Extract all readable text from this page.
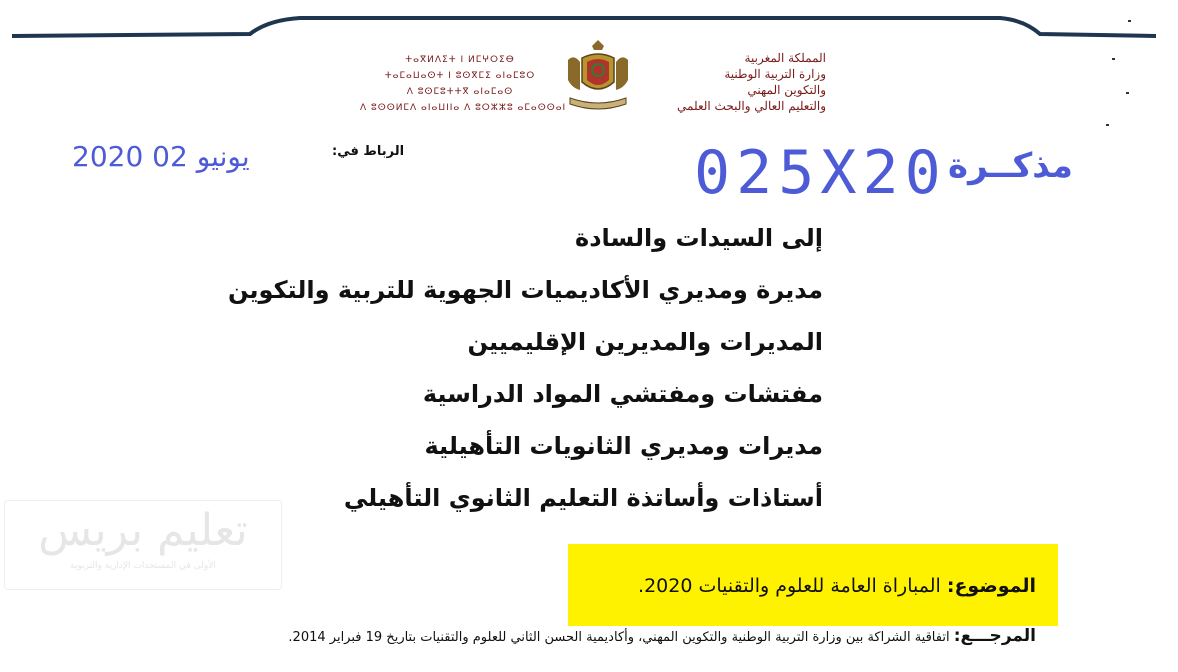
ⵜⴰⴳⵍⴷⵉⵜ ⵏ ⵍⵎⵖⵔⵉⴱ
ⵜⴰⵎⴰⵡⴰⵙⵜ ⵏ ⵓⵙⴳⵎⵉ ⴰⵏⴰⵎⵓⵔ
ⴷ ⵓⵙⵎⵓⵜⵜⴳ ⴰⵏⴰⵎⴰⵙ
ⴷ ⵓⵙⵙⵍⵎⴷ ⴰⵏⴰⵡⵏⵏⴰ ⴷ ⵓⵔⵣⵣⵓ ⴰⵎⴰⵙⵙⴰⵏ
المملكة المغربية
وزارة التربية الوطنية
والتكوين المهني
والتعليم العالي والبحث العلمي
2020 يونيو 02	الرباط في:	025X20 مذكــرة
إلى السيدات والسادة
مديرة ومديري الأكاديميات الجهوية للتربية والتكوين
المديرات والمديرين الإقليميين
مفتشات ومفتشي المواد الدراسية
مديرات ومديري الثانويات التأهيلية
أستاذات وأساتذة التعليم الثانوي التأهيلي
تعليم بريس
الأولى في المستجدات الإدارية والتربوية
الموضوع: المباراة العامة للعلوم والتقنيات 2020.
المرجـــع: اتفاقية الشراكة بين وزارة التربية الوطنية والتكوين المهني، وأكاديمية الحسن الثاني للعلوم والتقنيات بتاريخ 19 فبراير 2014.
